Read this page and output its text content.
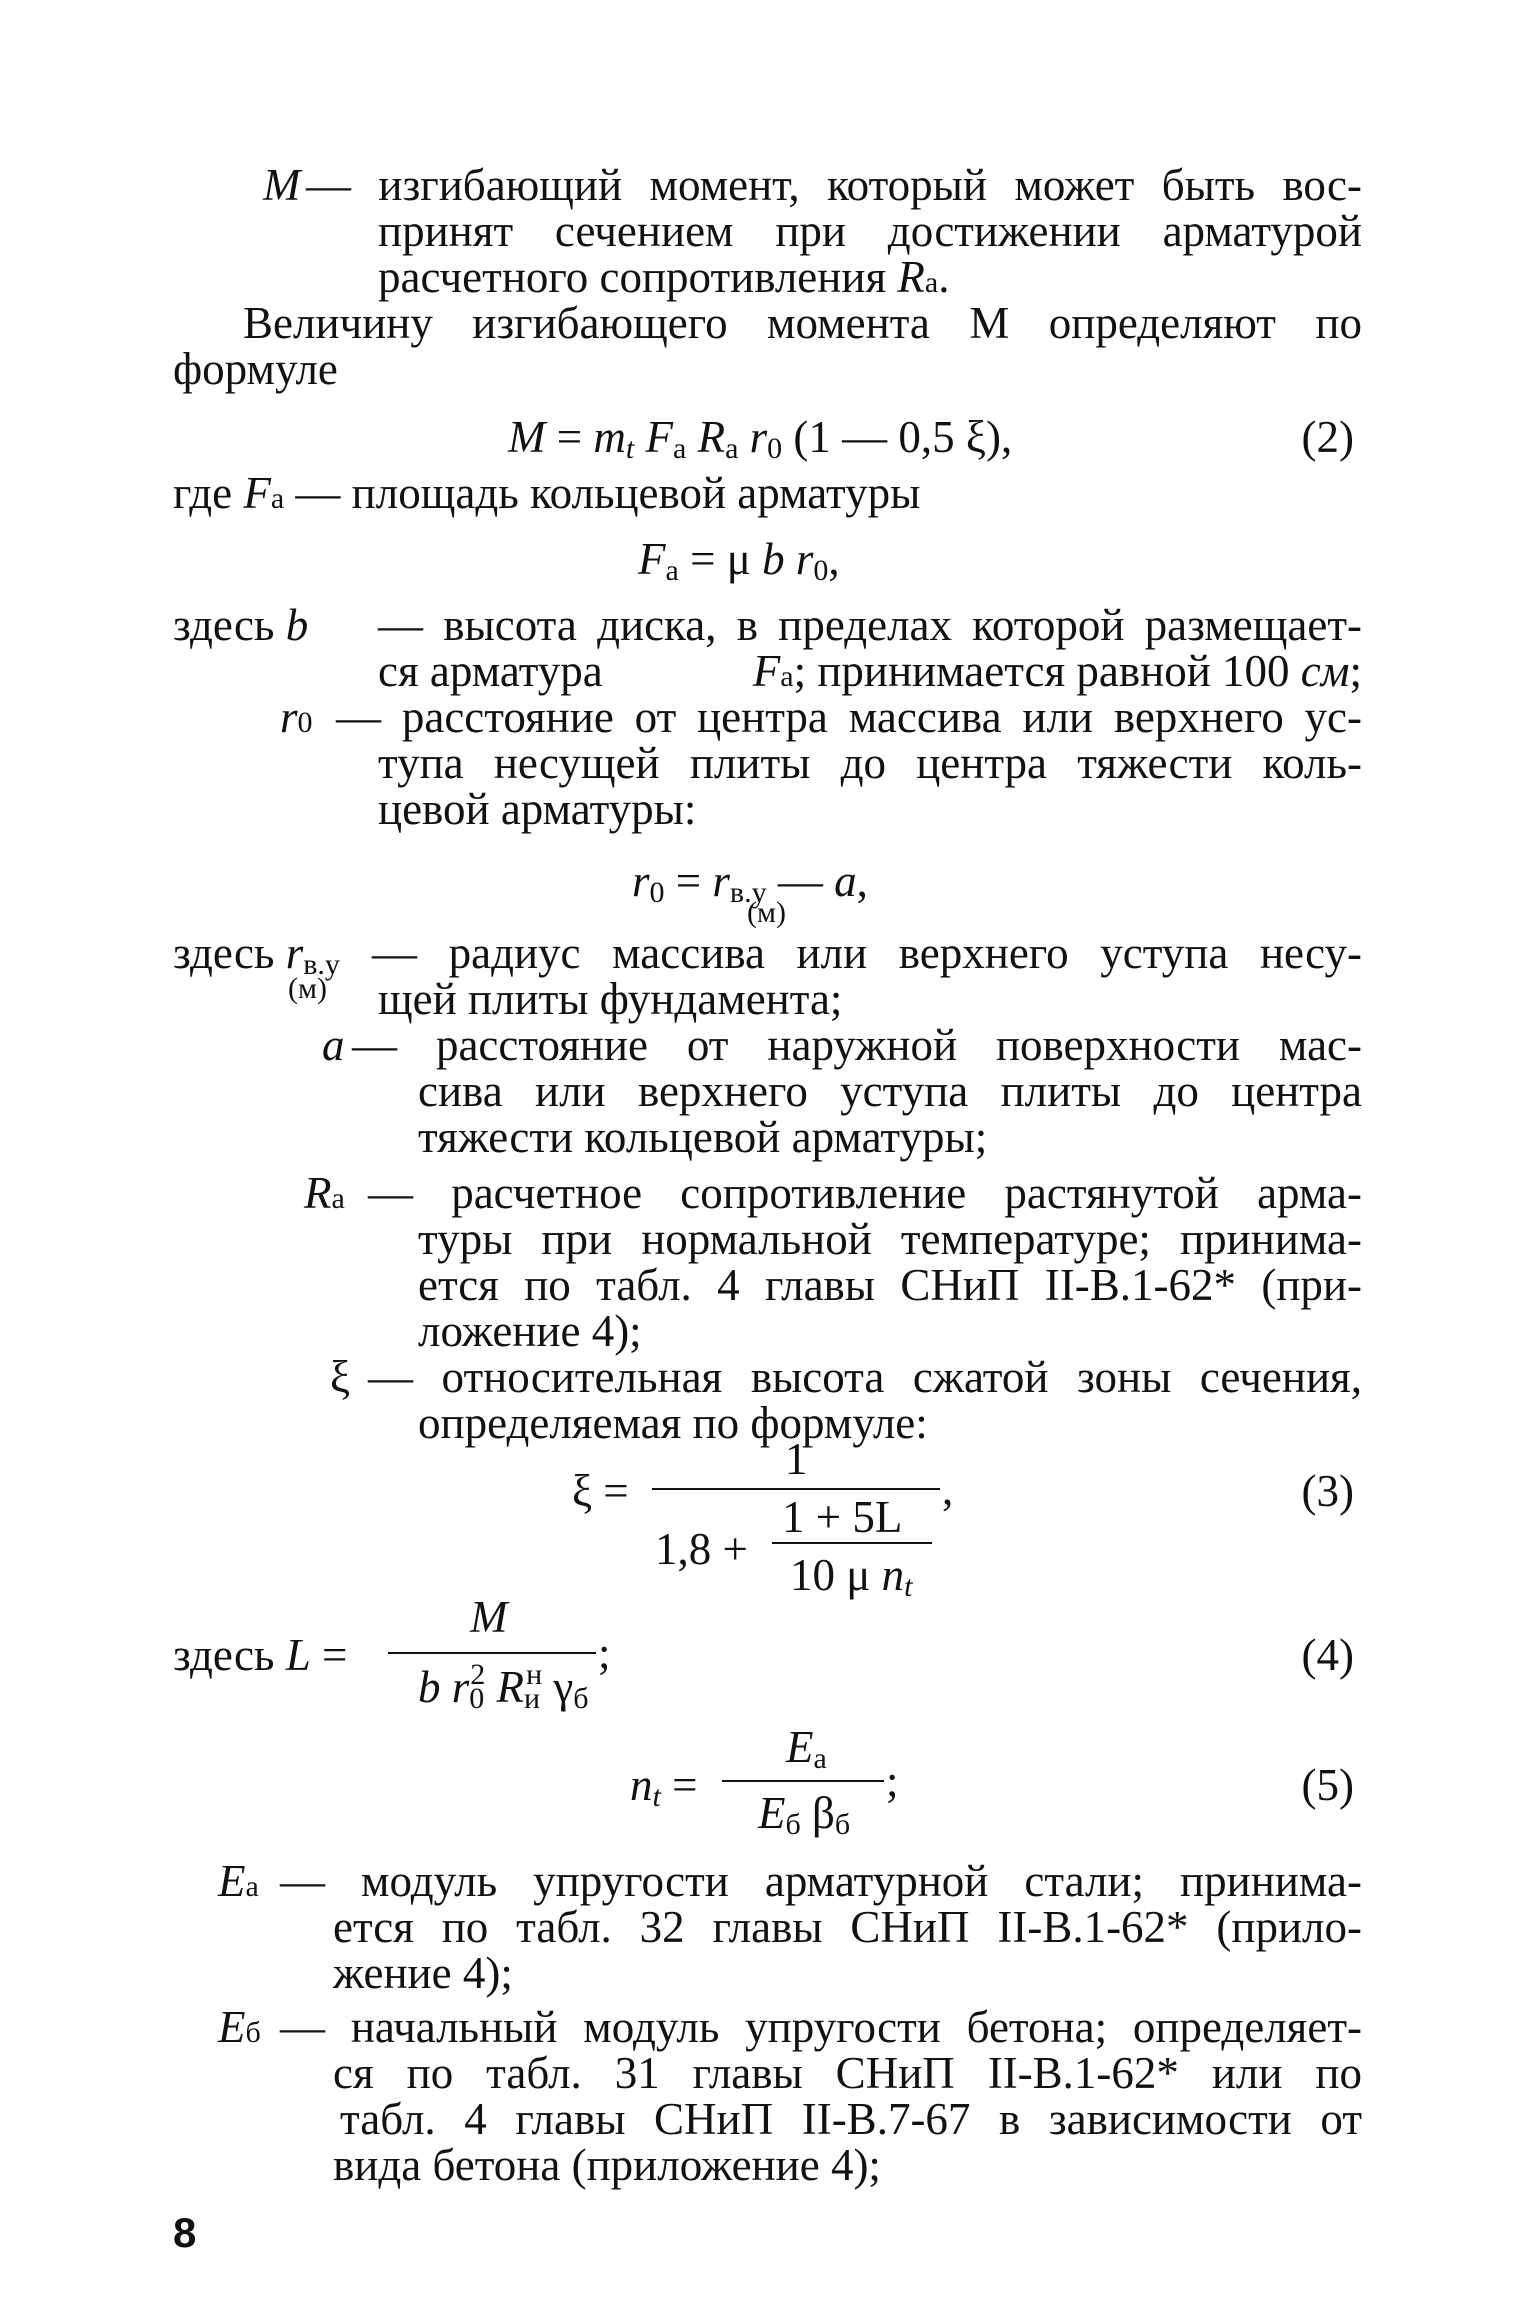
M — изгибающий момент, который может быть вос-
принят сечением при достижении арматурой
расчетного сопротивления Rа.
Величину изгибающего момента M определяют по
формуле
$M = m_t$ $F_а$ $R_а$ $r_0$ (1 — 0,5 ξ),	(2)
где Fа — площадь кольцевой арматуры
$F_а = \mu$ b $r_0$,
здесь b — высота диска, в пределах которой размещает-
ся арматура	Fа; принимается равной 100 см;
r0 — расстояние от центра массива или верхнего ус-
тупа несущей плиты до центра тяжести коль-
цевой арматуры:
$r_0 = r_{в.у}$ — a,
(м)
здесь $r_{в.у}$
(м)
— радиус массива или верхнего уступа несу-
щей плиты фундамента;
a — расстояние от наружной поверхности мас-
сива или верхнего уступа плиты до центра
тяжести кольцевой арматуры;
Rа — расчетное сопротивление растянутой арма-
туры при нормальной температуре; принима-
ется по табл. 4 главы СНиП II-В.1-62* (при-
ложение 4);
ξ — относительная высота сжатой зоны сечения,
определяемая по формуле:
ξ =
1
,
1,8 +
1 + 5L
10 μ $n_t$
(3)
здесь L =
M
;
b $r_0^2$ $R_и^н$ $\gamma_б$
(4)
$n_t$ =
$E_а$ ;
$E_б$ $\beta_б$
(5)
Eа — модуль упругости арматурной стали; принима-
ется по табл. 32 главы СНиП II-В.1-62* (прило-
жение 4);
Eб — начальный модуль упругости бетона; определяет-
ся по табл. 31 главы СНиП II-В.1-62* или по
табл. 4 главы СНиП II-В.7-67 в зависимости от
вида бетона (приложение 4);
8
